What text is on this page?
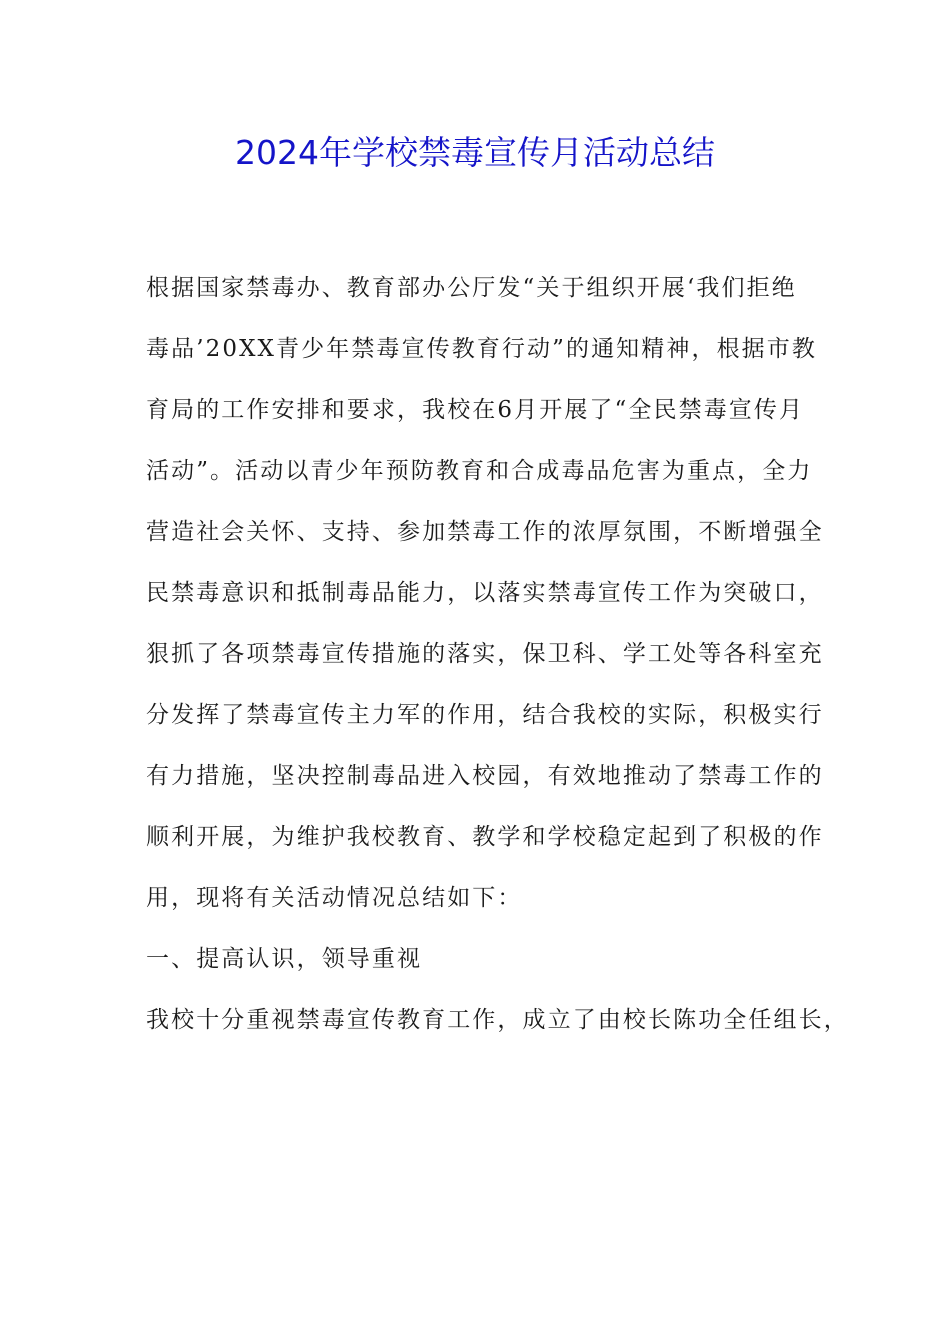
2024年学校禁毒宣传月活动总结
根据国家禁毒办、教育部办公厅发“关于组织开展‘我们拒绝
毒品’20XX青少年禁毒宣传教育行动”的通知精神，根据市教
育局的工作安排和要求，我校在6月开展了“全民禁毒宣传月
活动”。活动以青少年预防教育和合成毒品危害为重点，全力
营造社会关怀、支持、参加禁毒工作的浓厚氛围，不断增强全
民禁毒意识和抵制毒品能力，以落实禁毒宣传工作为突破口，
狠抓了各项禁毒宣传措施的落实，保卫科、学工处等各科室充
分发挥了禁毒宣传主力军的作用，结合我校的实际，积极实行
有力措施，坚决控制毒品进入校园，有效地推动了禁毒工作的
顺利开展，为维护我校教育、教学和学校稳定起到了积极的作
用，现将有关活动情况总结如下：
一、提高认识，领导重视
我校十分重视禁毒宣传教育工作，成立了由校长陈功全任组长，
